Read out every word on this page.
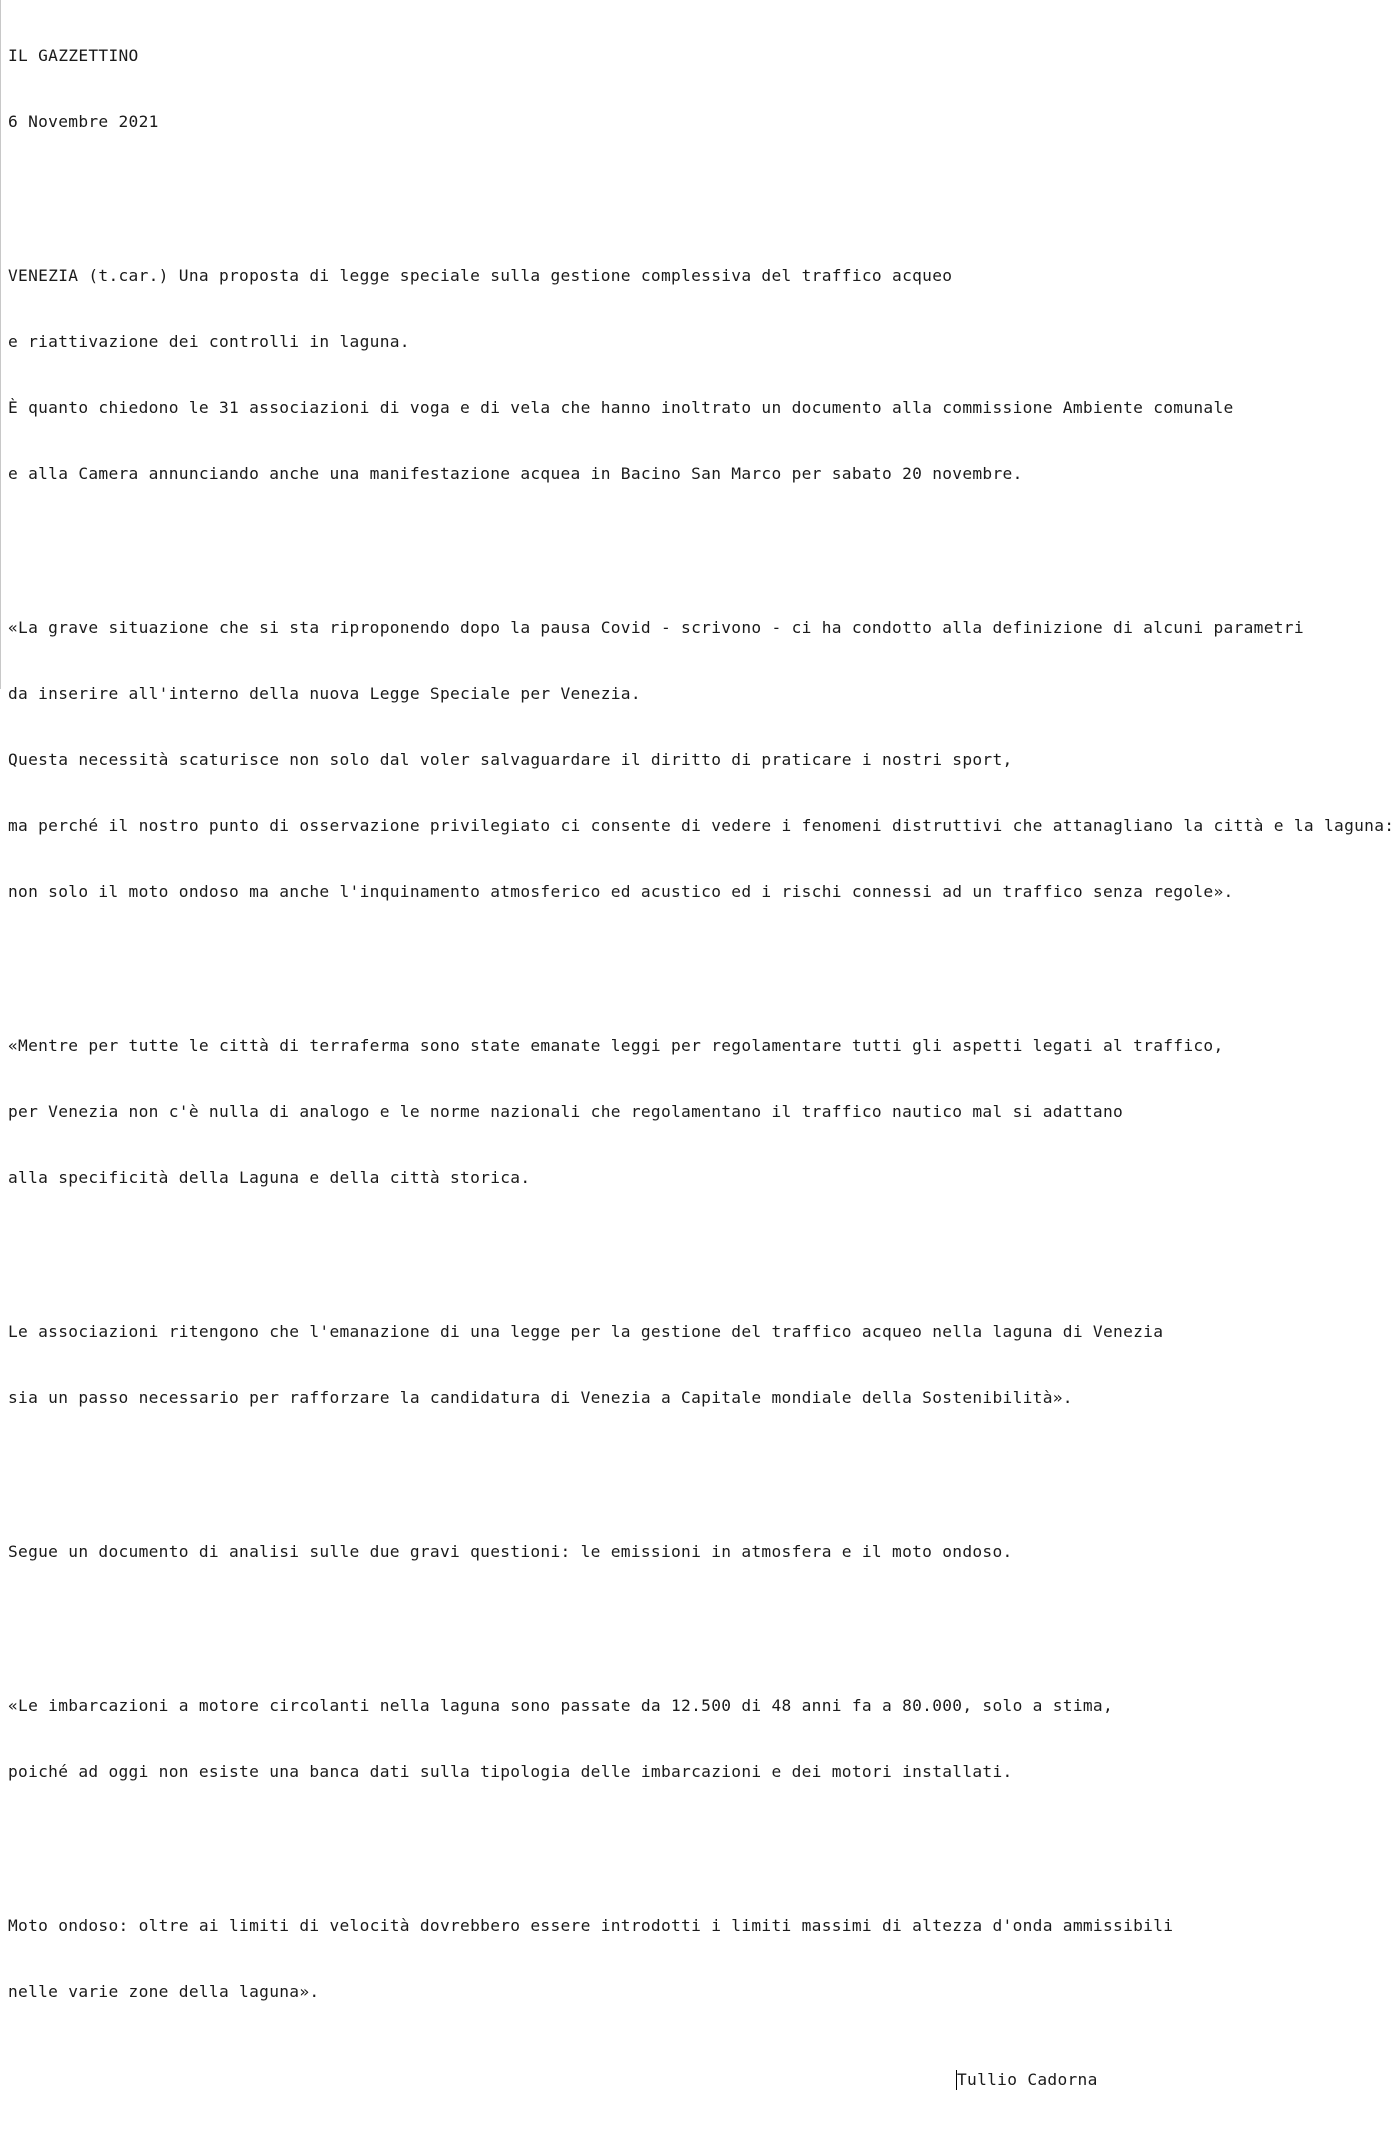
IL GAZZETTINO

6 Novembre 2021

VENEZIA (t.car.) Una proposta di legge speciale sulla gestione complessiva del traffico acqueo

e riattivazione dei controlli in laguna.

È quanto chiedono le 31 associazioni di voga e di vela che hanno inoltrato un documento alla commissione Ambiente comunale

e alla Camera annunciando anche una manifestazione acquea in Bacino San Marco per sabato 20 novembre.

«La grave situazione che si sta riproponendo dopo la pausa Covid - scrivono - ci ha condotto alla definizione di alcuni parametri

da inserire all'interno della nuova Legge Speciale per Venezia.

Questa necessità scaturisce non solo dal voler salvaguardare il diritto di praticare i nostri sport,

ma perché il nostro punto di osservazione privilegiato ci consente di vedere i fenomeni distruttivi che attanagliano la città e la laguna:

non solo il moto ondoso ma anche l'inquinamento atmosferico ed acustico ed i rischi connessi ad un traffico senza regole».

«Mentre per tutte le città di terraferma sono state emanate leggi per regolamentare tutti gli aspetti legati al traffico,

per Venezia non c'è nulla di analogo e le norme nazionali che regolamentano il traffico nautico mal si adattano

alla specificità della Laguna e della città storica.

Le associazioni ritengono che l'emanazione di una legge per la gestione del traffico acqueo nella laguna di Venezia

sia un passo necessario per rafforzare la candidatura di Venezia a Capitale mondiale della Sostenibilità».

Segue un documento di analisi sulle due gravi questioni: le emissioni in atmosfera e il moto ondoso.

«Le imbarcazioni a motore circolanti nella laguna sono passate da 12.500 di 48 anni fa a 80.000, solo a stima,

poiché ad oggi non esiste una banca dati sulla tipologia delle imbarcazioni e dei motori installati.

Moto ondoso: oltre ai limiti di velocità dovrebbero essere introdotti i limiti massimi di altezza d'onda ammissibili

nelle varie zone della laguna».

Tullio Cadorna
